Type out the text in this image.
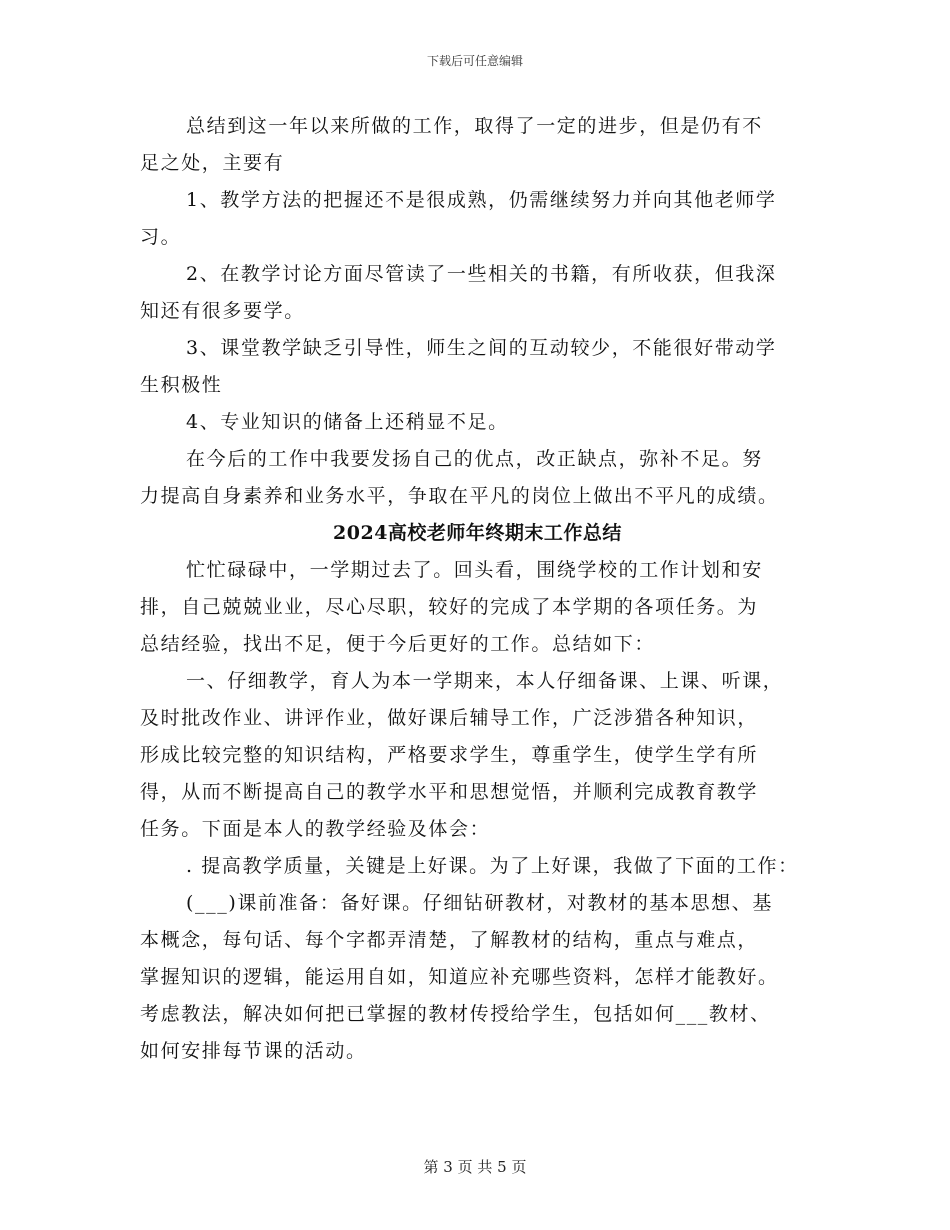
下载后可任意编辑
总结到这一年以来所做的工作，取得了一定的进步，但是仍有不
足之处，主要有
1、教学方法的把握还不是很成熟，仍需继续努力并向其他老师学
习。
2、在教学讨论方面尽管读了一些相关的书籍，有所收获，但我深
知还有很多要学。
3、课堂教学缺乏引导性，师生之间的互动较少，不能很好带动学
生积极性
4、专业知识的储备上还稍显不足。
在今后的工作中我要发扬自己的优点，改正缺点，弥补不足。努
力提高自身素养和业务水平，争取在平凡的岗位上做出不平凡的成绩。
2024高校老师年终期末工作总结
忙忙碌碌中，一学期过去了。回头看，围绕学校的工作计划和安
排，自己兢兢业业，尽心尽职，较好的完成了本学期的各项任务。为
总结经验，找出不足，便于今后更好的工作。总结如下：
一、仔细教学，育人为本一学期来，本人仔细备课、上课、听课，
及时批改作业、讲评作业，做好课后辅导工作，广泛涉猎各种知识，
形成比较完整的知识结构，严格要求学生，尊重学生，使学生学有所
得，从而不断提高自己的教学水平和思想觉悟，并顺利完成教育教学
任务。下面是本人的教学经验及体会：
. 提高教学质量，关键是上好课。为了上好课，我做了下面的工作：
(___)课前准备：备好课。仔细钻研教材，对教材的基本思想、基
本概念，每句话、每个字都弄清楚，了解教材的结构，重点与难点，
掌握知识的逻辑，能运用自如，知道应补充哪些资料，怎样才能教好。
考虑教法，解决如何把已掌握的教材传授给学生，包括如何___教材、
如何安排每节课的活动。
第 3 页 共 5 页
